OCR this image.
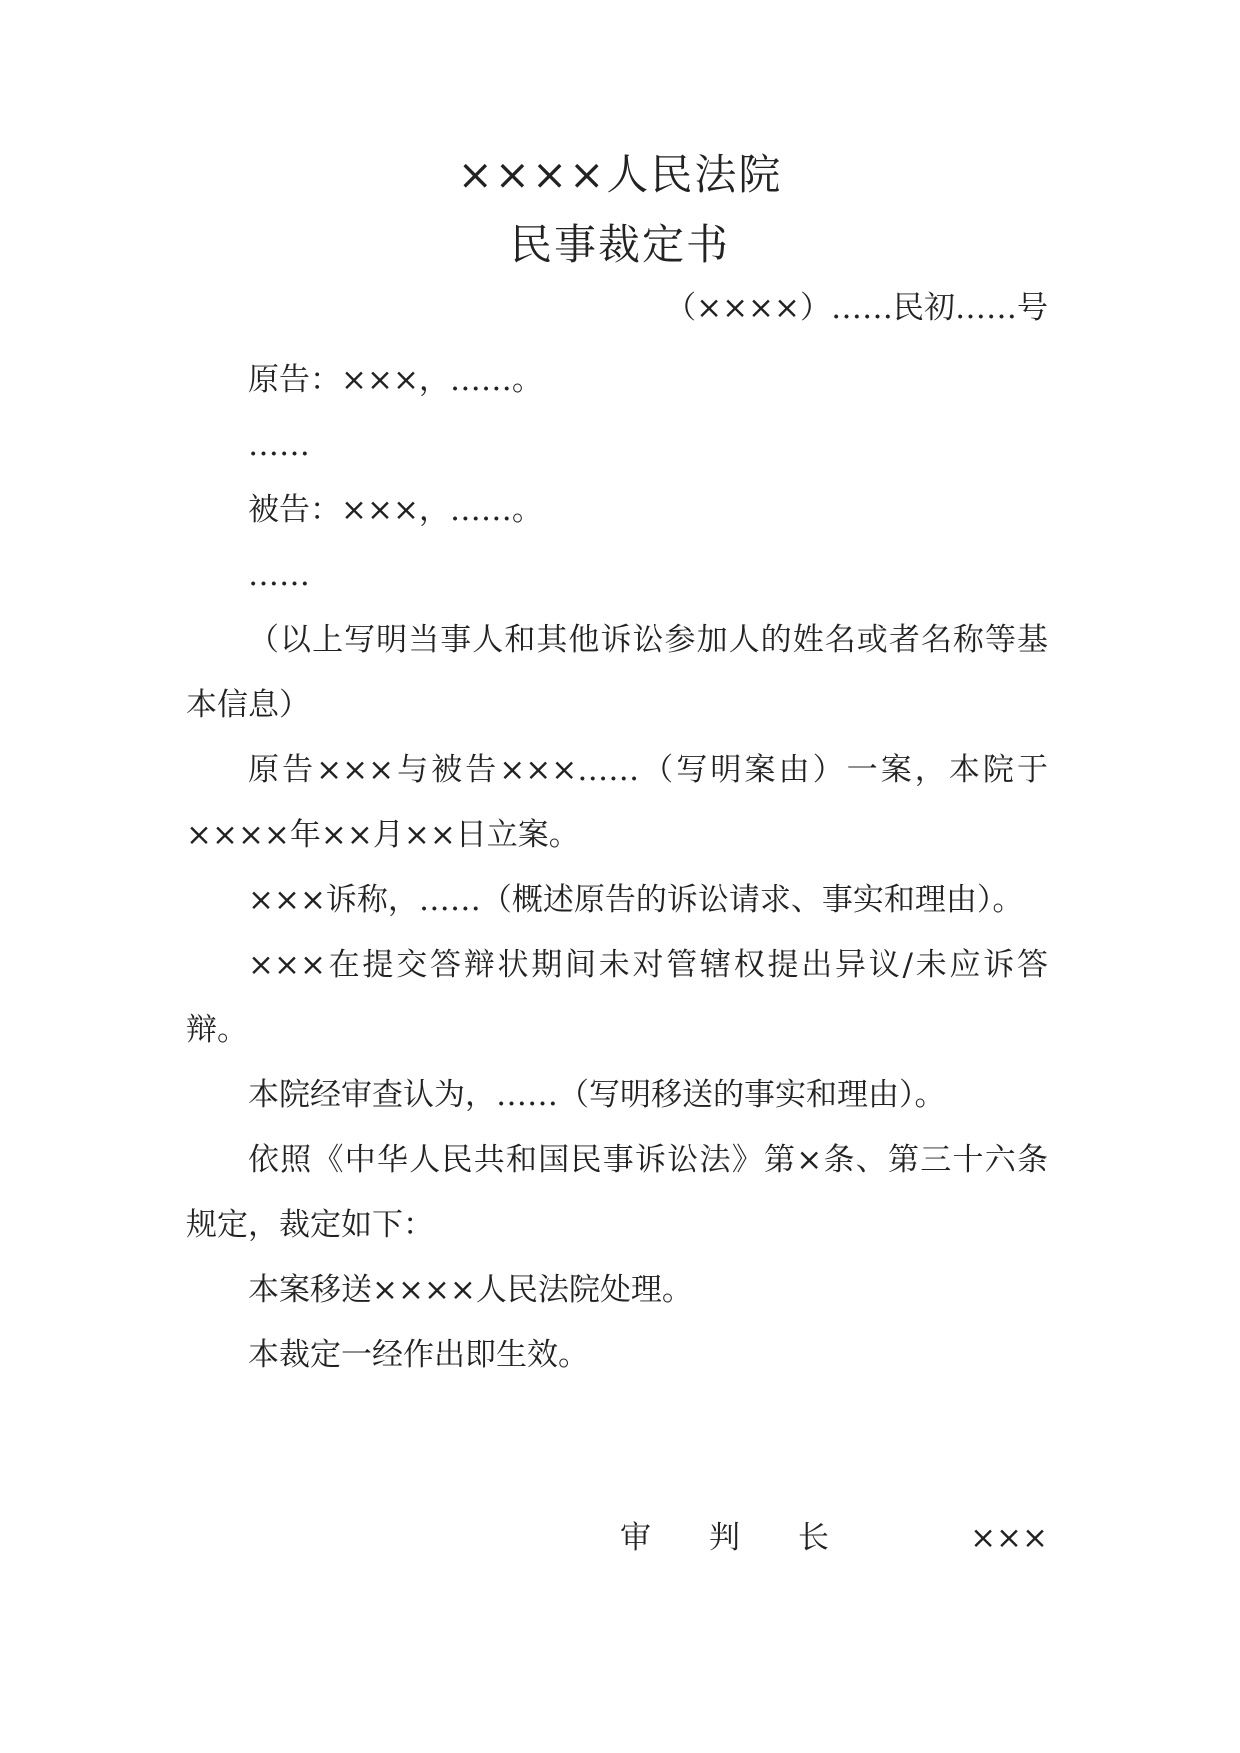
××××人民法院
民事裁定书
（××××）……民初……号

原告：×××，……。

……

被告：×××，……。

……

（以上写明当事人和其他诉讼参加人的姓名或者名称等基本信息）

原告×××与被告×××……（写明案由）一案，本院于××××年××月××日立案。

×××诉称，……（概述原告的诉讼请求、事实和理由）。

×××在提交答辩状期间未对管辖权提出异议/未应诉答辩。

本院经审查认为，……（写明移送的事实和理由）。

依照《中华人民共和国民事诉讼法》第×条、第三十六条规定，裁定如下：

本案移送××××人民法院处理。

本裁定一经作出即生效。

审判长	×××
